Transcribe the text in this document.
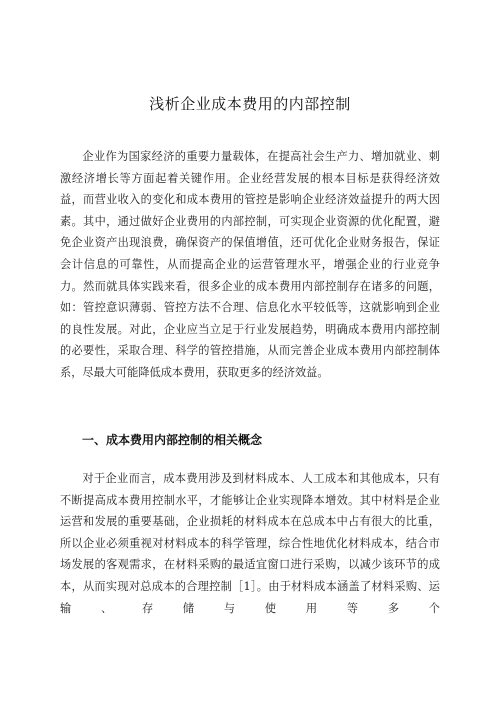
浅析企业成本费用的内部控制

企业作为国家经济的重要力量载体，在提高社会生产力、增加就业、刺激经济增长等方面起着关键作用。企业经营发展的根本目标是获得经济效益，而营业收入的变化和成本费用的管控是影响企业经济效益提升的两大因素。其中，通过做好企业费用的内部控制，可实现企业资源的优化配置，避免企业资产出现浪费，确保资产的保值增值，还可优化企业财务报告，保证会计信息的可靠性，从而提高企业的运营管理水平，增强企业的行业竞争力。然而就具体实践来看，很多企业的成本费用内部控制存在诸多的问题，如：管控意识薄弱、管控方法不合理、信息化水平较低等，这就影响到企业的良性发展。对此，企业应当立足于行业发展趋势，明确成本费用内部控制的必要性，采取合理、科学的管控措施，从而完善企业成本费用内部控制体系，尽最大可能降低成本费用，获取更多的经济效益。

一、成本费用内部控制的相关概念

对于企业而言，成本费用涉及到材料成本、人工成本和其他成本，只有不断提高成本费用控制水平，才能够让企业实现降本增效。其中材料是企业运营和发展的重要基础，企业损耗的材料成本在总成本中占有很大的比重，所以企业必须重视对材料成本的科学管理，综合性地优化材料成本，结合市场发展的客观需求，在材料采购的最适宜窗口进行采购，以减少该环节的成本，从而实现对总成本的合理控制［1］。由于材料成本涵盖了材料采购、运输、存储与使用等多个
